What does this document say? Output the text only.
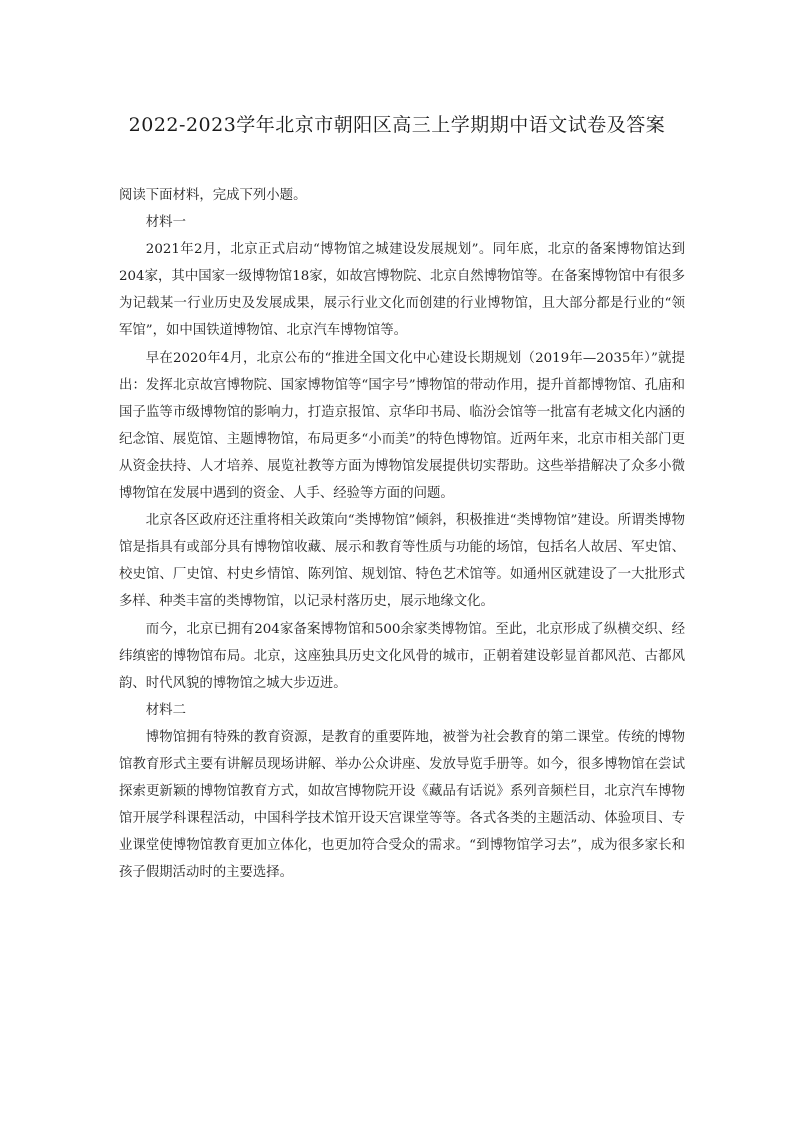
2022-2023学年北京市朝阳区高三上学期期中语文试卷及答案

阅读下面材料，完成下列小题。

材料一

2021年2月，北京正式启动“博物馆之城建设发展规划”。同年底，北京的备案博物馆达到204家，其中国家一级博物馆18家，如故宫博物院、北京自然博物馆等。在备案博物馆中有很多为记载某一行业历史及发展成果，展示行业文化而创建的行业博物馆，且大部分都是行业的“领军馆”，如中国铁道博物馆、北京汽车博物馆等。

早在2020年4月，北京公布的“推进全国文化中心建设长期规划（2019年—2035年）”就提出：发挥北京故宫博物院、国家博物馆等“国字号”博物馆的带动作用，提升首都博物馆、孔庙和国子监等市级博物馆的影响力，打造京报馆、京华印书局、临汾会馆等一批富有老城文化内涵的纪念馆、展览馆、主题博物馆，布局更多“小而美”的特色博物馆。近两年来，北京市相关部门更从资金扶持、人才培养、展览社教等方面为博物馆发展提供切实帮助。这些举措解决了众多小微博物馆在发展中遇到的资金、人手、经验等方面的问题。

北京各区政府还注重将相关政策向“类博物馆”倾斜，积极推进“类博物馆”建设。所谓类博物馆是指具有或部分具有博物馆收藏、展示和教育等性质与功能的场馆，包括名人故居、军史馆、校史馆、厂史馆、村史乡情馆、陈列馆、规划馆、特色艺术馆等。如通州区就建设了一大批形式多样、种类丰富的类博物馆，以记录村落历史，展示地缘文化。

而今，北京已拥有204家备案博物馆和500余家类博物馆。至此，北京形成了纵横交织、经纬缜密的博物馆布局。北京，这座独具历史文化风骨的城市，正朝着建设彰显首都风范、古都风韵、时代风貌的博物馆之城大步迈进。

材料二

博物馆拥有特殊的教育资源，是教育的重要阵地，被誉为社会教育的第二课堂。传统的博物馆教育形式主要有讲解员现场讲解、举办公众讲座、发放导览手册等。如今，很多博物馆在尝试探索更新颖的博物馆教育方式，如故宫博物院开设《藏品有话说》系列音频栏目，北京汽车博物馆开展学科课程活动，中国科学技术馆开设天宫课堂等等。各式各类的主题活动、体验项目、专业课堂使博物馆教育更加立体化，也更加符合受众的需求。“到博物馆学习去”，成为很多家长和孩子假期活动时的主要选择。
